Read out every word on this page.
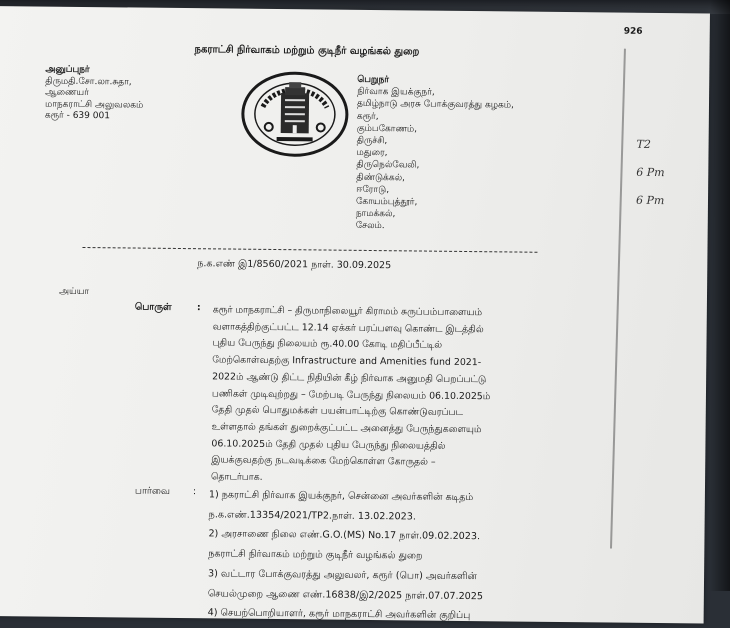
926
நகராட்சி நிர்வாகம் மற்றும் குடிநீர் வழங்கல் துறை
அனுப்புநர்
திருமதி.சோ.லா.சுதா,
ஆணையர்
மாநகராட்சி அலுவலகம்
கரூர் - 639 001
பெறுநர்
நிர்வாக இயக்குநர்,
தமிழ்நாடு அரசு போக்குவரத்து கழகம்,
கரூர்,
கும்பகோணம்,
திருச்சி,
மதுரை,
திருநெல்வேலி,
திண்டுக்கல்,
ஈரோடு,
கோயம்புத்தூர்,
நாமக்கல்,
சேலம்.
ந.க.எண் இ1/8560/2021 நாள். 30.09.2025
அய்யா
பொருள்	: கரூர் மாநகராட்சி – திருமாநிலையூர் கிராமம் சுருப்பம்பாளையம்
வளாகத்திற்குட்பட்ட 12.14 ஏக்கர் பரப்பளவு கொண்ட இடத்தில்
புதிய பேருந்து நிலையம் ரூ.40.00 கோடி மதிப்பீட்டில்
மேற்கொள்வதற்கு Infrastructure and Amenities fund 2021-
2022ம் ஆண்டு திட்ட நிதியின் கீழ் நிர்வாக அனுமதி பெறப்பட்டு
பணிகள் முடிவுற்றது – மேற்படி பேருந்து நிலையம் 06.10.2025ம்
தேதி முதல் பொதுமக்கள் பயன்பாட்டிற்கு கொண்டுவரப்பட
உள்ளதால் தங்கள் துறைக்குட்பட்ட அனைத்து பேருந்துகளையும்
06.10.2025ம் தேதி முதல் புதிய பேருந்து நிலையத்தில்
இயக்குவதற்கு நடவடிக்கை மேற்கொள்ள கோருதல் –
தொடர்பாக.
பார்வை : 1) நகராட்சி நிர்வாக இயக்குநர், சென்னை அவர்களின் கடிதம்
ந.க.எண்.13354/2021/TP2.நாள். 13.02.2023.
2) அரசாணை நிலை எண்.G.O.(MS) No.17 நாள்.09.02.2023.
நகராட்சி நிர்வாகம் மற்றும் குடிநீர் வழங்கல் துறை
3) வட்டார போக்குவரத்து அலுவலர், கரூர் (பொ) அவர்களின்
செயல்முறை ஆணை எண்.16838/இ2/2025 நாள்.07.07.2025
4) செயற்பொறியாளர், கரூர் மாநகராட்சி அவர்களின் குறிப்பு
T2
6 Pm
6 Pm
